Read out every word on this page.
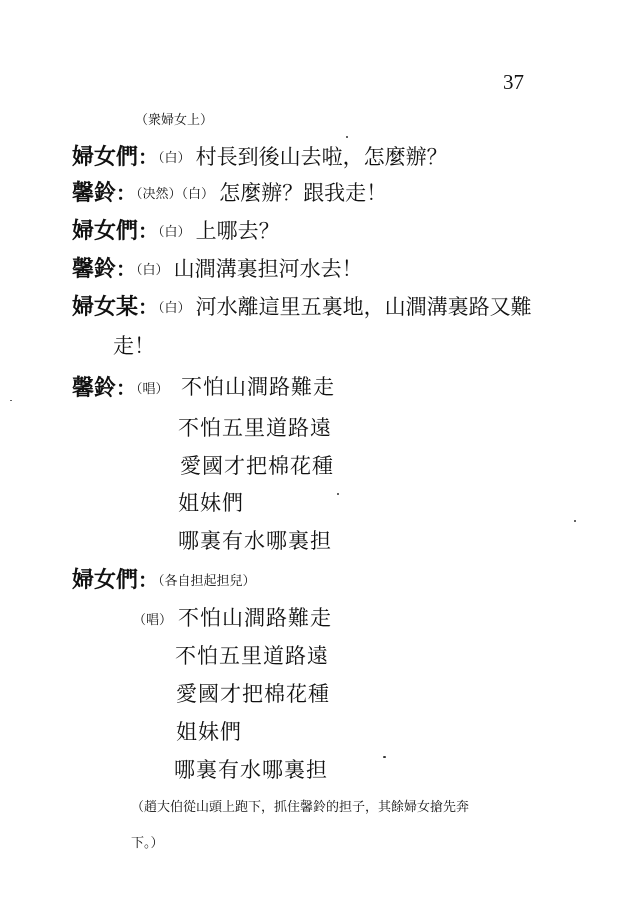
37
（衆婦女上）
婦女們：（白） 村長到後山去啦，怎麼辦？
馨鈴：（决然）（白） 怎麼辦？跟我走！
婦女們：（白） 上哪去？
馨鈴：（白） 山澗溝裏担河水去！
婦女某：（白） 河水離這里五裏地，山澗溝裏路又難
走！
馨鈴：（唱） 不怕山澗路難走
不怕五里道路遠
愛國才把棉花種
姐妹們
哪裏有水哪裏担
婦女們：（各自担起担兒）
（唱） 不怕山澗路難走
不怕五里道路遠
愛國才把棉花種
姐妹們
哪裏有水哪裏担
（趙大伯從山頭上跑下，抓住馨鈴的担子，其餘婦女搶先奔
下。）
